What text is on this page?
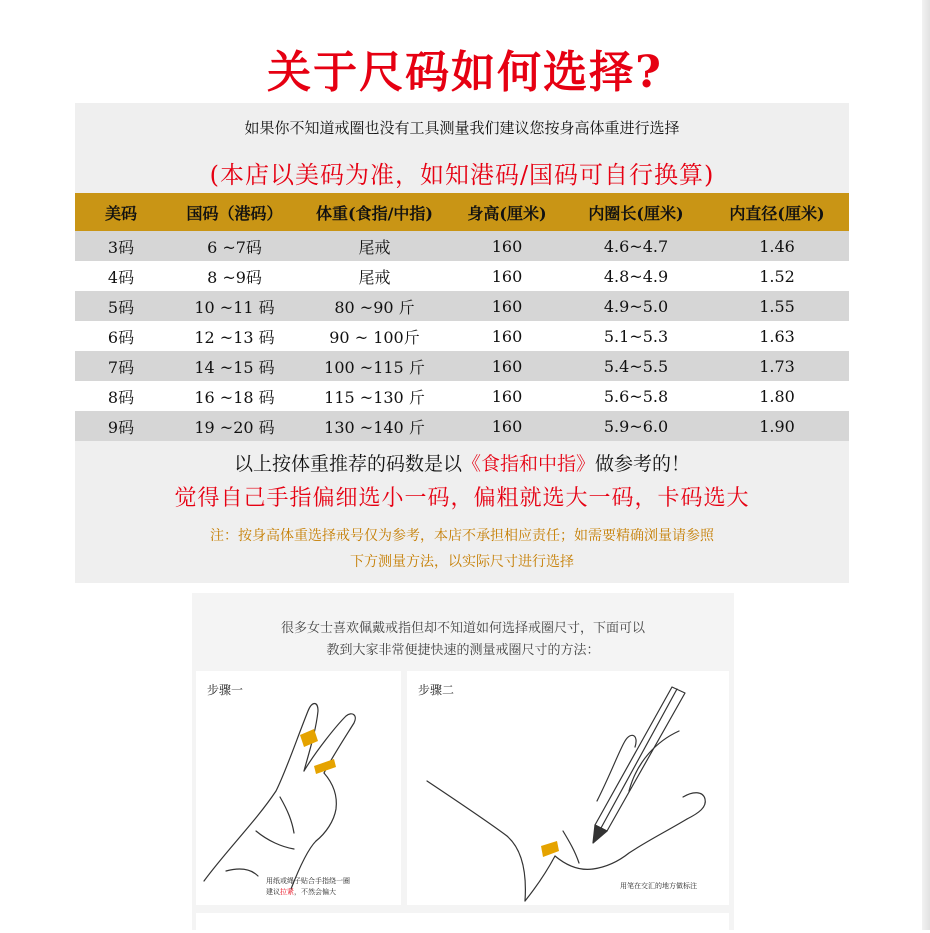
关于尺码如何选择?
如果你不知道戒圈也没有工具测量我们建议您按身高体重进行选择
(本店以美码为准，如知港码/国码可自行换算)
美码	国码（港码）	体重(食指/中指)	身高(厘米)	内圈长(厘米)	内直径(厘米)
3码	6 ~7码	尾戒	160	4.6~4.7	1.46
4码	8 ~9码	尾戒	160	4.8~4.9	1.52
5码	10 ~11 码	80 ~90 斤	160	4.9~5.0	1.55
6码	12 ~13 码	90 ~ 100斤	160	5.1~5.3	1.63
7码	14 ~15 码	100 ~115 斤	160	5.4~5.5	1.73
8码	16 ~18 码	115 ~130 斤	160	5.6~5.8	1.80
9码	19 ~20 码	130 ~140 斤	160	5.9~6.0	1.90
以上按体重推荐的码数是以《食指和中指》做参考的！
觉得自己手指偏细选小一码，偏粗就选大一码，卡码选大
注：按身高体重选择戒号仅为参考，本店不承担相应责任；如需要精确浏量请参照
下方测量方法，以实际尺寸进行选择
很多女士喜欢佩戴戒指但却不知道如何选择戒圈尺寸，下面可以
教到大家非常便捷快速的测量戒圈尺寸的方法：
步骤一
用纸或绳子贴合手指绕一圈
建议拉紧，不然会偏大
步骤二
用笔在交汇的地方做标注
